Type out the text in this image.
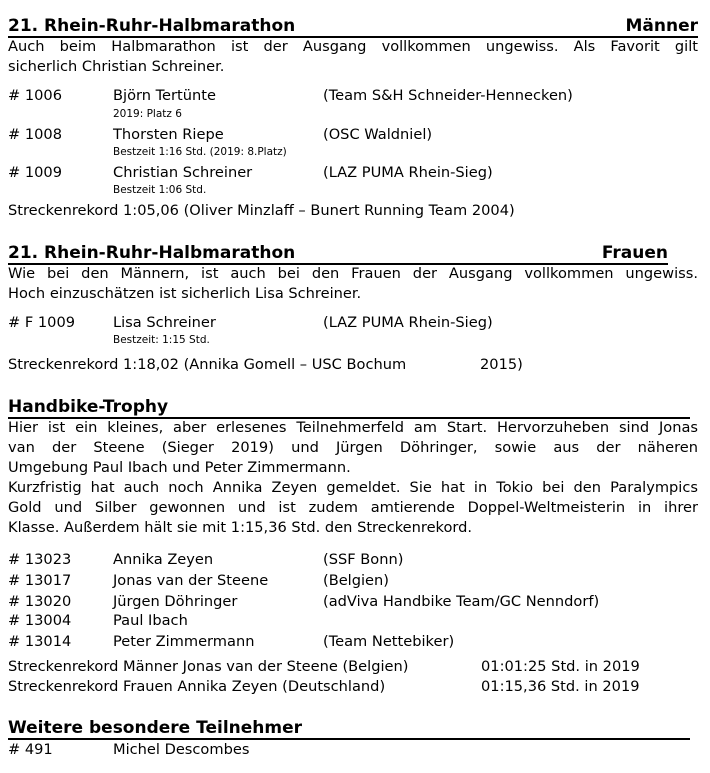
21. Rhein-Ruhr-Halbmarathon	Männer
Auch beim Halbmarathon ist der Ausgang vollkommen ungewiss. Als Favorit gilt
sicherlich Christian Schreiner.
# 1006	Björn Tertünte	(Team S&H Schneider-Hennecken)
2019: Platz 6
# 1008	Thorsten Riepe	(OSC Waldniel)
Bestzeit 1:16 Std. (2019: 8.Platz)
# 1009	Christian Schreiner	(LAZ PUMA Rhein-Sieg)
Bestzeit 1:06 Std.
Streckenrekord 1:05,06 (Oliver Minzlaff – Bunert Running Team 2004)
21. Rhein-Ruhr-Halbmarathon	Frauen
Wie bei den Männern, ist auch bei den Frauen der Ausgang vollkommen ungewiss.
Hoch einzuschätzen ist sicherlich Lisa Schreiner.
# F 1009	Lisa Schreiner	(LAZ PUMA Rhein-Sieg)
Bestzeit: 1:15 Std.
Streckenrekord 1:18,02 (Annika Gomell – USC Bochum	2015)
Handbike-Trophy
Hier ist ein kleines, aber erlesenes Teilnehmerfeld am Start. Hervorzuheben sind Jonas
van der Steene (Sieger 2019) und Jürgen Döhringer, sowie aus der näheren
Umgebung Paul Ibach und Peter Zimmermann.
Kurzfristig hat auch noch Annika Zeyen gemeldet. Sie hat in Tokio bei den Paralympics
Gold und Silber gewonnen und ist zudem amtierende Doppel-Weltmeisterin in ihrer
Klasse. Außerdem hält sie mit 1:15,36 Std. den Streckenrekord.
# 13023	Annika Zeyen	(SSF Bonn)
# 13017	Jonas van der Steene	(Belgien)
# 13020	Jürgen Döhringer	(adViva Handbike Team/GC Nenndorf)
# 13004	Paul Ibach
# 13014	Peter Zimmermann	(Team Nettebiker)
Streckenrekord Männer Jonas van der Steene (Belgien)	01:01:25 Std. in 2019
Streckenrekord Frauen Annika Zeyen (Deutschland)	01:15,36 Std. in 2019
Weitere besondere Teilnehmer
# 491	Michel Descombes
